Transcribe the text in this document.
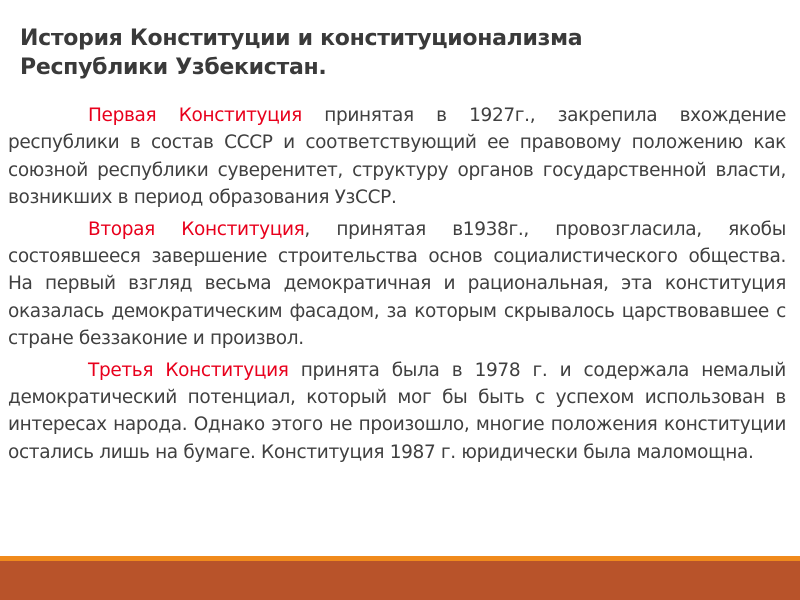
История Конституции и конституционализма
Республики Узбекистан.

Первая Конституция принятая в 1927г., закрепила вхождение республики в состав СССР и соответствующий ее правовому положению как союзной республики суверенитет, структуру органов государственной власти, возникших в период образования УзССР.

Вторая Конституция, принятая в1938г., провозгласила, якобы состоявшееся завершение строительства основ социалистического общества. На первый взгляд весьма демократичная и рациональная, эта конституция оказалась демократическим фасадом, за которым скрывалось царствовавшее с стране беззаконие и произвол.

Третья Конституция принята была в 1978 г. и содержала немалый демократический потенциал, который мог бы быть с успехом использован в интересах народа. Однако этого не произошло, многие положения конституции остались лишь на бумаге. Конституция 1987 г. юридически была маломощна.
